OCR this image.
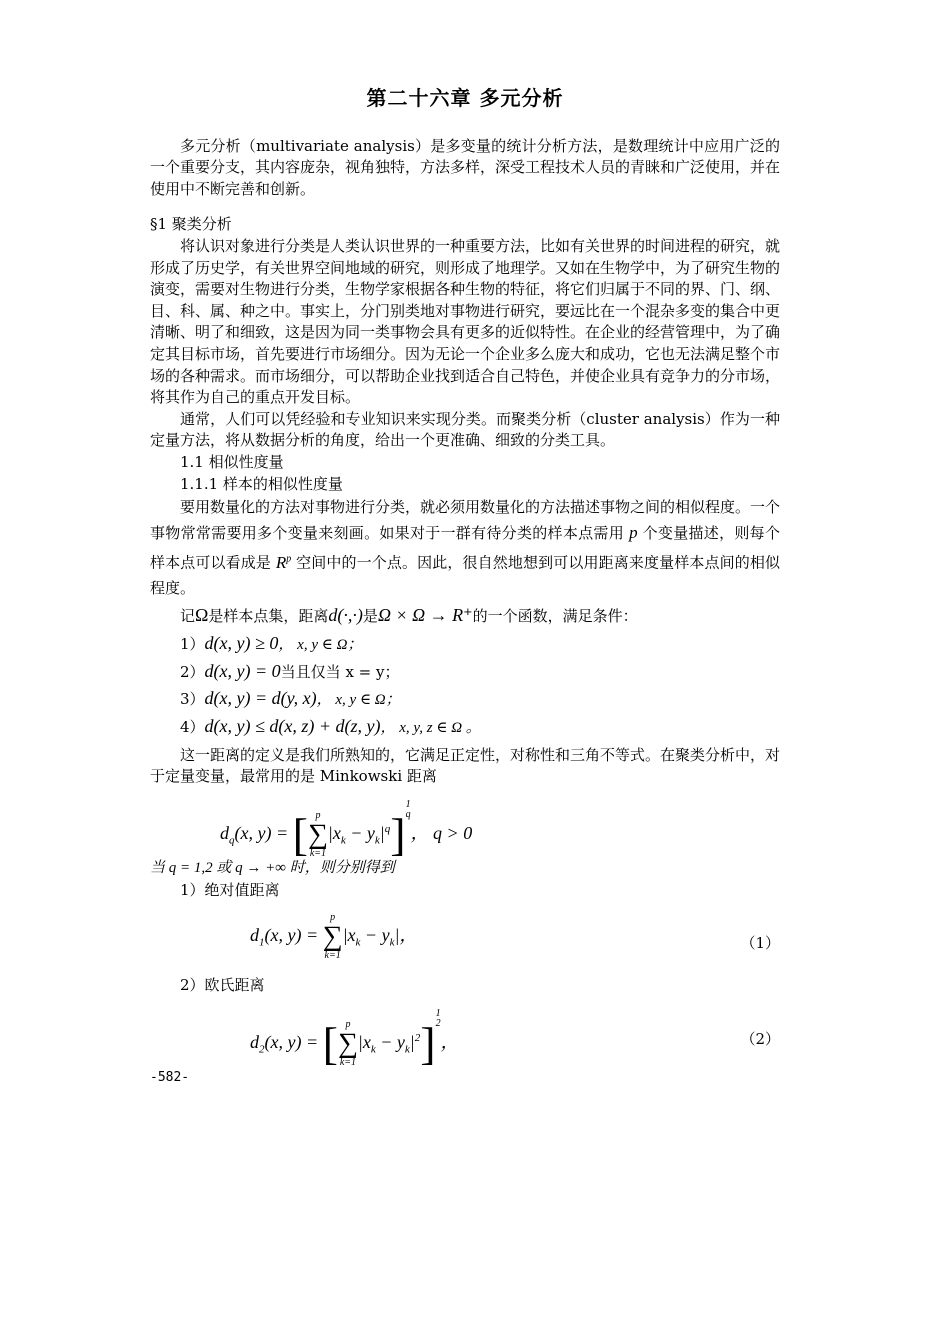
第二十六章 多元分析

多元分析（multivariate analysis）是多变量的统计分析方法，是数理统计中应用广泛的一个重要分支，其内容庞杂，视角独特，方法多样，深受工程技术人员的青睐和广泛使用，并在使用中不断完善和创新。

§1 聚类分析

将认识对象进行分类是人类认识世界的一种重要方法，比如有关世界的时间进程的研究，就形成了历史学，有关世界空间地域的研究，则形成了地理学。又如在生物学中，为了研究生物的演变，需要对生物进行分类，生物学家根据各种生物的特征，将它们归属于不同的界、门、纲、目、科、属、种之中。事实上，分门别类地对事物进行研究，要远比在一个混杂多变的集合中更清晰、明了和细致，这是因为同一类事物会具有更多的近似特性。在企业的经营管理中，为了确定其目标市场，首先要进行市场细分。因为无论一个企业多么庞大和成功，它也无法满足整个市场的各种需求。而市场细分，可以帮助企业找到适合自己特色，并使企业具有竞争力的分市场，将其作为自己的重点开发目标。

通常，人们可以凭经验和专业知识来实现分类。而聚类分析（cluster analysis）作为一种定量方法，将从数据分析的角度，给出一个更准确、细致的分类工具。

1.1 相似性度量

1.1.1 样本的相似性度量

要用数量化的方法对事物进行分类，就必须用数量化的方法描述事物之间的相似程度。一个事物常常需要用多个变量来刻画。如果对于一群有待分类的样本点需用 p 个变量描述，则每个样本点可以看成是 $R^p$ 空间中的一个点。因此，很自然地想到可以用距离来度量样本点间的相似程度。

记Ω是样本点集，距离d(·,·)是Ω × Ω → R⁺的一个函数，满足条件：

1）d(x, y) ≥ 0， x, y ∈ Ω；
2）d(x, y) = 0当且仅当 x = y；
3）d(x, y) = d(y, x)， x, y ∈ Ω；
4）d(x, y) ≤ d(x, z) + d(z, y)， x, y, z ∈ Ω 。

这一距离的定义是我们所熟知的，它满足正定性，对称性和三角不等式。在聚类分析中，对于定量变量，最常用的是 Minkowski 距离

$d_q(x$, y) = [ p
∑
k=1
$|x_k - y_k|^q]^{1 q}$， q > 0

当 q = 1,2 或 q → +∞ 时，则分别得到

1）绝对值距离

$d_1(x$, y) =
p
∑
k=1
$|x_k - y_k|$，	（1）

2）欧氏距离

$d_2(x$, y) = [ p
∑
k=1
$|x_k - y_k|^2]^{1 2}$，	（2）
-582-
